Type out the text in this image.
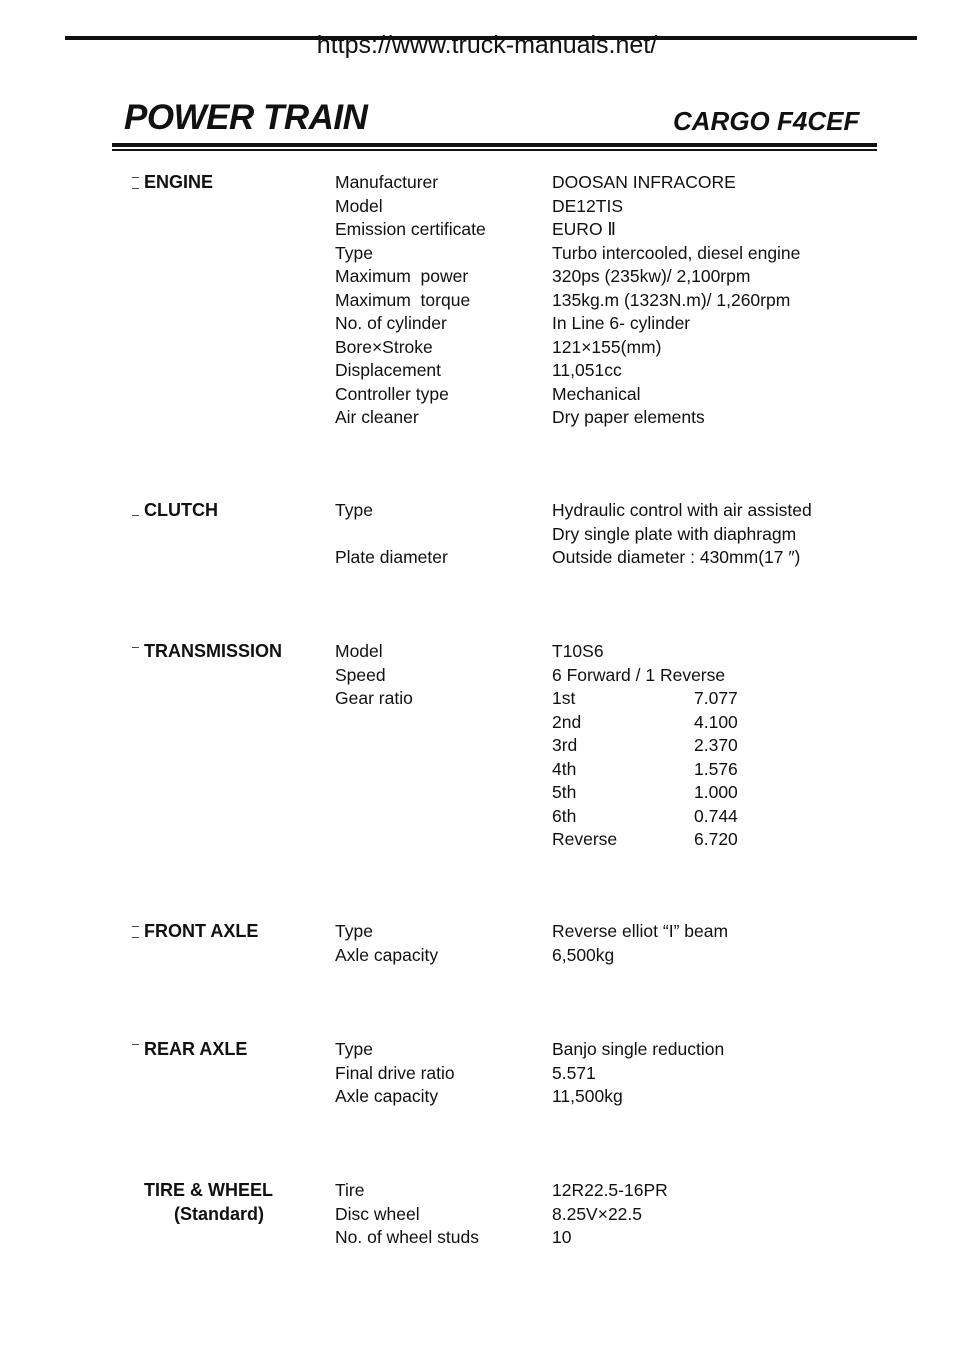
https://www.truck-manuals.net/
POWER TRAIN	CARGO F4CEF
ENGINE	Manufacturer	DOOSAN INFRACORE
Model	DE12TIS
Emission certificate	EURO Ⅱ
Type	Turbo intercooled, diesel engine
Maximum  power	320ps (235kw)/ 2,100rpm
Maximum  torque	135kg.m (1323N.m)/ 1,260rpm
No. of cylinder	In Line 6- cylinder
Bore×Stroke	121×155(mm)
Displacement	11,051cc
Controller type	Mechanical
Air cleaner	Dry paper elements
CLUTCH	Type	Hydraulic control with air assisted
Dry single plate with diaphragm
Plate diameter	Outside diameter : 430mm(17 ″)
TRANSMISSION	Model	T10S6
Speed	6 Forward / 1 Reverse
Gear ratio	1st	7.077
2nd	4.100
3rd	2.370
4th	1.576
5th	1.000
6th	0.744
Reverse	6.720
FRONT AXLE	Type	Reverse elliot “I” beam
Axle capacity	6,500kg
REAR AXLE	Type	Banjo single reduction
Final drive ratio	5.571
Axle capacity	11,500kg
TIRE & WHEEL
(Standard)
Tire	12R22.5-16PR
Disc wheel	8.25V×22.5
No. of wheel studs	10
